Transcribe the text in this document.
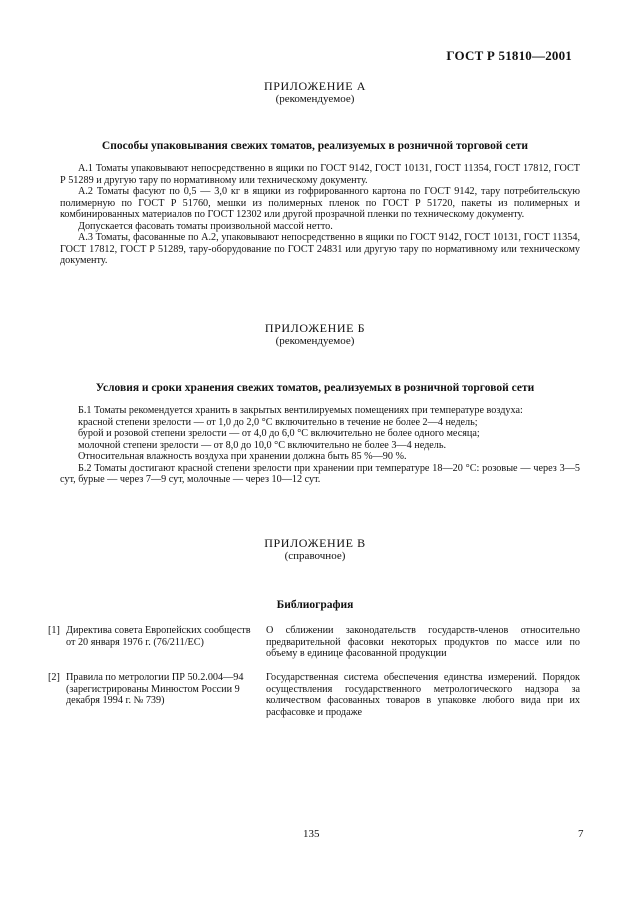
ГОСТ Р 51810—2001
ПРИЛОЖЕНИЕ А
(рекомендуемое)
Способы упаковывания свежих томатов, реализуемых в розничной торговой сети

А.1 Томаты упаковывают непосредственно в ящики по ГОСТ 9142, ГОСТ 10131, ГОСТ 11354, ГОСТ 17812, ГОСТ Р 51289 и другую тару по нормативному или техническому документу.

А.2 Томаты фасуют по 0,5 — 3,0 кг в ящики из гофрированного картона по ГОСТ 9142, тару потребительскую полимерную по ГОСТ Р 51760, мешки из полимерных пленок по ГОСТ Р 51720, пакеты из полимерных и комбинированных материалов по ГОСТ 12302 или другой прозрачной пленки по техническому документу.

Допускается фасовать томаты произвольной массой нетто.

А.3 Томаты, фасованные по А.2, упаковывают непосредственно в ящики по ГОСТ 9142, ГОСТ 10131, ГОСТ 11354, ГОСТ 17812, ГОСТ Р 51289, тару-оборудование по ГОСТ 24831 или другую тару по нормативному или техническому документу.

ПРИЛОЖЕНИЕ Б
(рекомендуемое)
Условия и сроки хранения свежих томатов, реализуемых в розничной торговой сети

Б.1 Томаты рекомендуется хранить в закрытых вентилируемых помещениях при температуре воздуха:

красной степени зрелости — от 1,0 до 2,0 °С включительно в течение не более 2—4 недель;

бурой и розовой степени зрелости — от 4,0 до 6,0 °С включительно не более одного месяца;

молочной степени зрелости — от 8,0 до 10,0 °С включительно не более 3—4 недель.

Относительная влажность воздуха при хранении должна быть 85 %—90 %.

Б.2 Томаты достигают красной степени зрелости при хранении при температуре 18—20 °С: розовые — через 3—5 сут, бурые — через 7—9 сут, молочные — через 10—12 сут.

ПРИЛОЖЕНИЕ В
(справочное)
Библиография
[1] Директива совета Европейских сообществ от 20 января 1976 г. (76/211/ЕС)
О сближении законодательств государств-членов относительно предварительной фасовки некоторых продуктов по массе или по объему в единице фасованной продукции
[2] Правила по метрологии ПР 50.2.004—94 (зарегистрированы Минюстом России 9 декабря 1994 г. № 739)
Государственная система обеспечения единства измерений. Порядок осуществления государственного метрологического надзора за количеством фасованных товаров в упаковке любого вида при их расфасовке и продаже
135	7
